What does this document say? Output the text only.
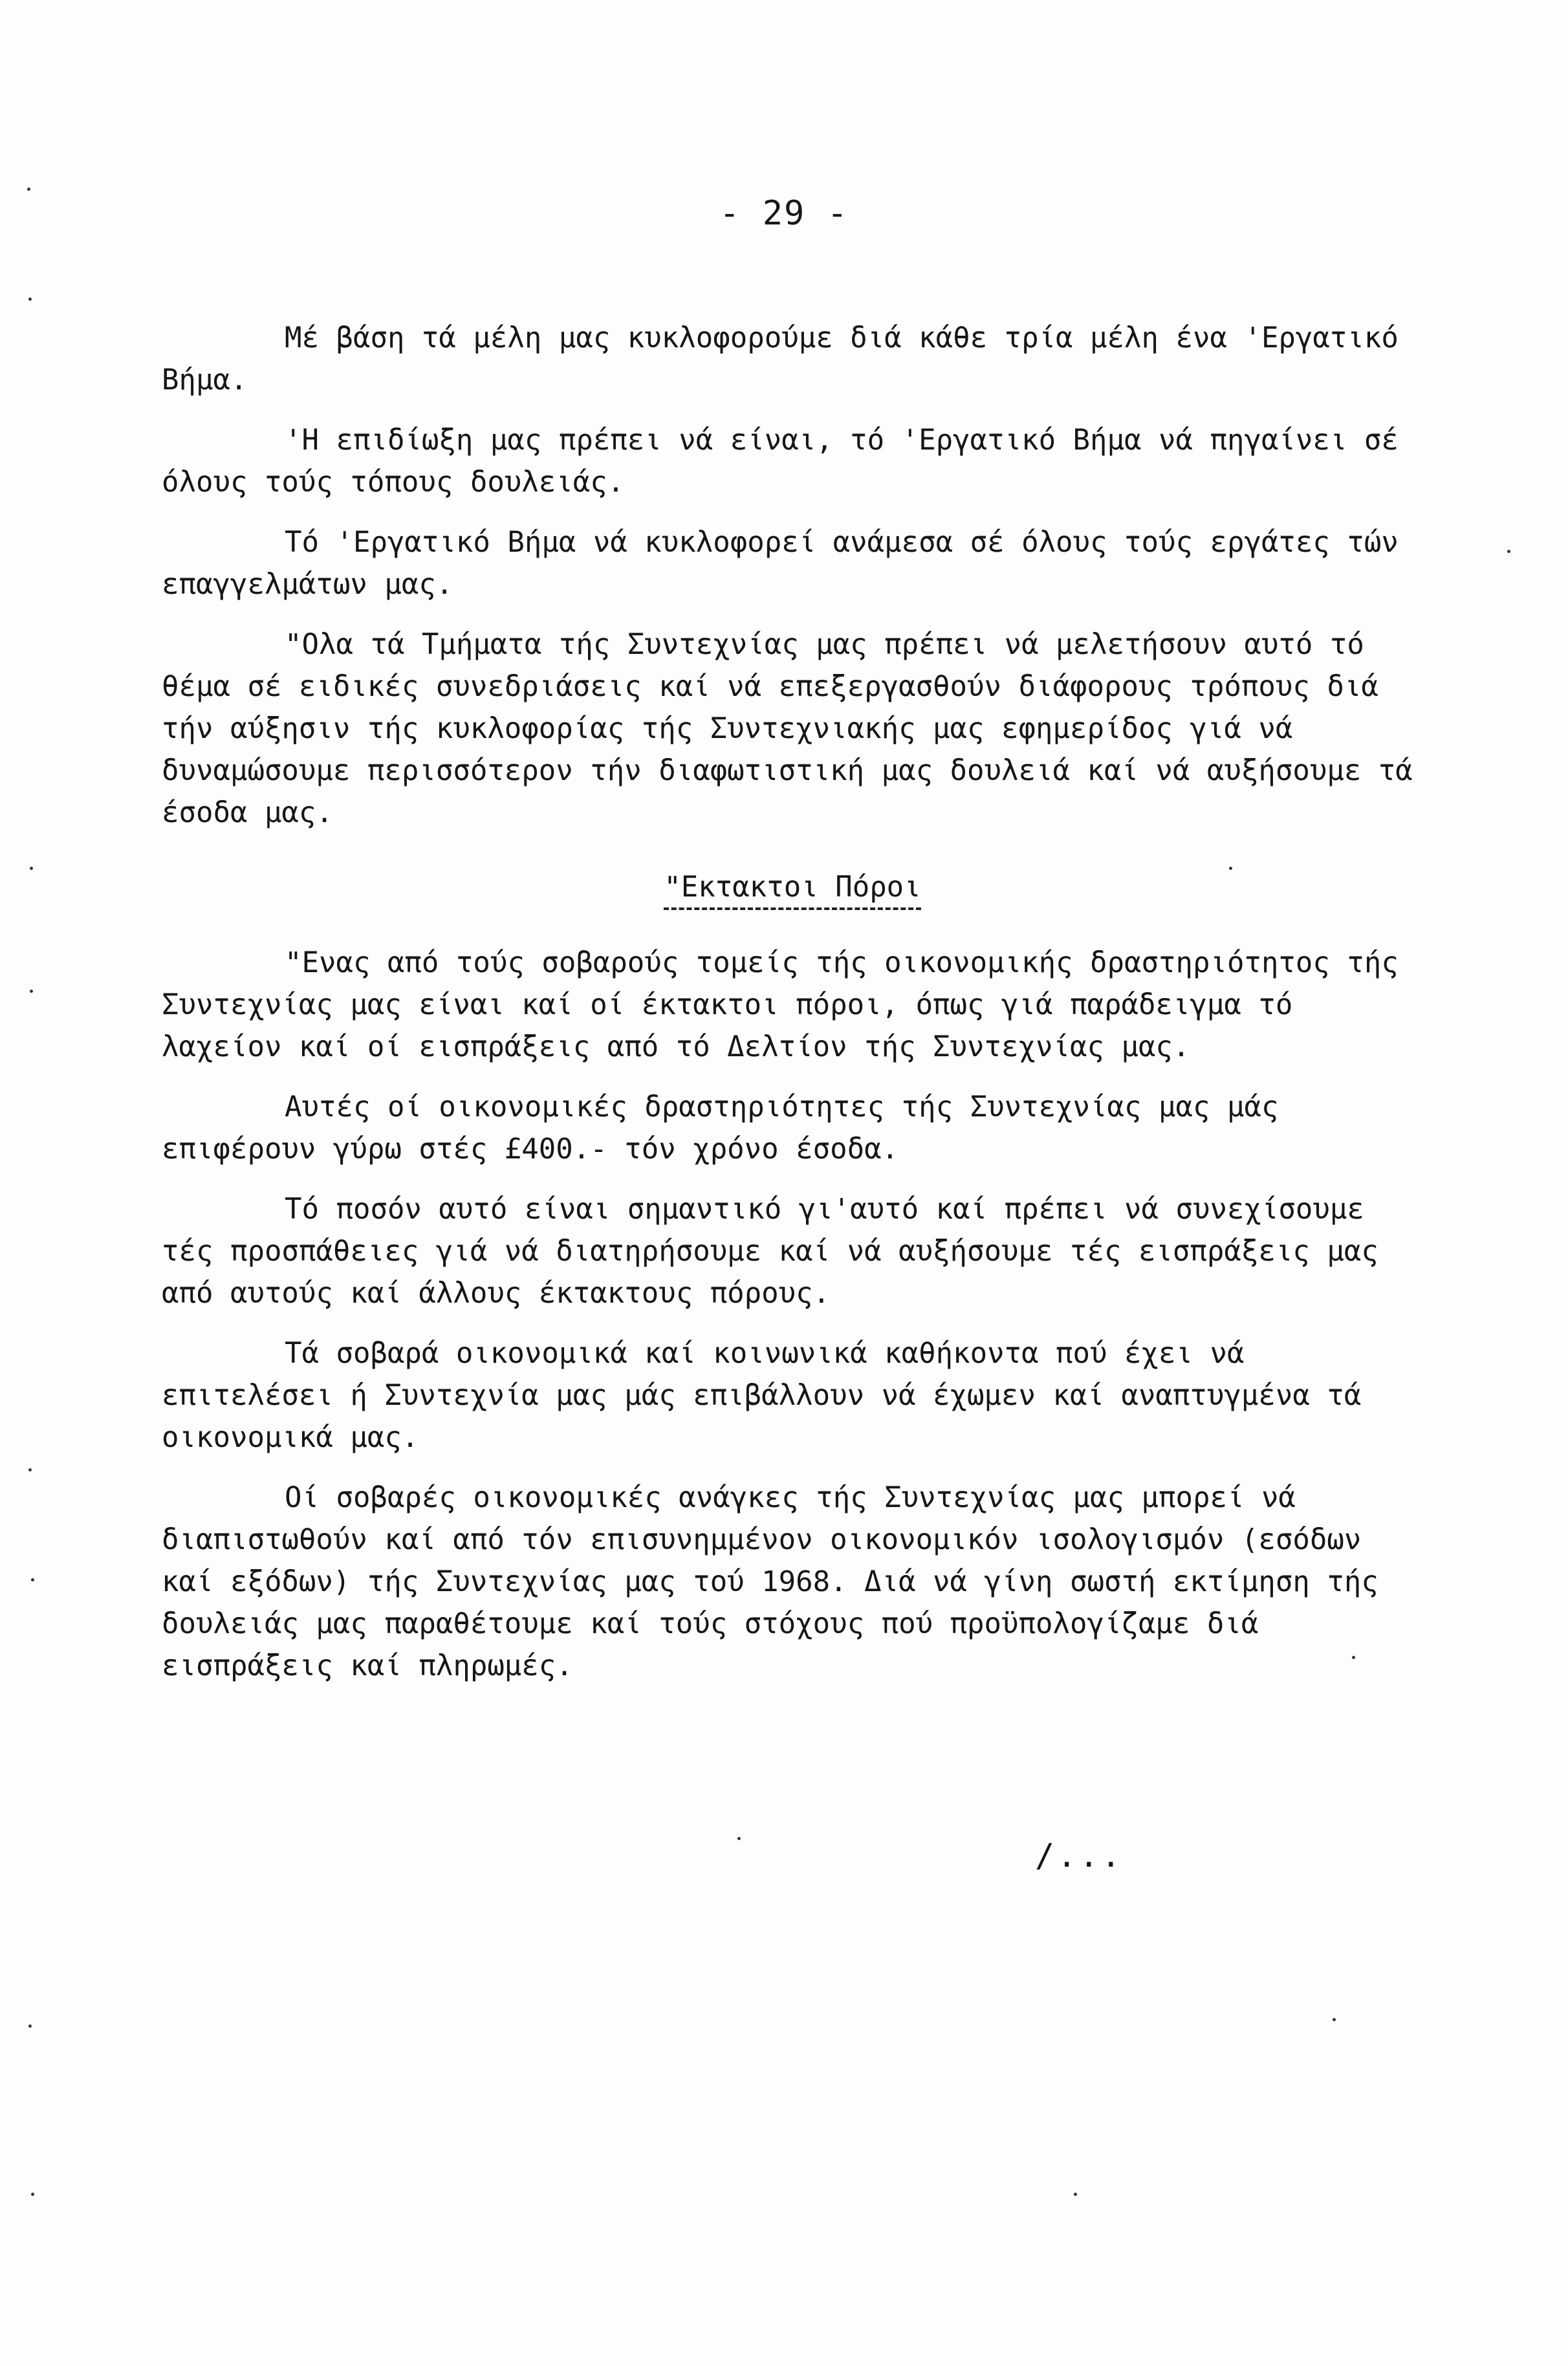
- 29 -

Μέ βάση τά μέλη μας κυκλοφορούμε διά κάθε τρία μέλη ένα 'Εργατικό Βήμα.

'Η επιδίωξη μας πρέπει νά είναι, τό 'Εργατικό Βήμα νά πηγαίνει σέ όλους τούς τόπους δουλειάς.

Τό 'Εργατικό Βήμα νά κυκλοφορεί ανάμεσα σέ όλους τούς εργάτες τών επαγγελμάτων μας.

"Ολα τά Τμήματα τής Συντεχνίας μας πρέπει νά μελετήσουν αυτό τό θέμα σέ ειδικές συνεδριάσεις καί νά επεξεργασθούν διάφορους τρόπους διά τήν αύξησιν τής κυκλοφορίας τής Συντεχνιακής μας εφημερίδος γιά νά δυναμώσουμε περισσότερον τήν διαφωτιστική μας δουλειά καί νά αυξήσουμε τά έσοδα μας.

"Εκτακτοι Πόροι

"Ενας από τούς σοβαρούς τομείς τής οικονομικής δραστηριότητος τής Συντεχνίας μας είναι καί οί έκτακτοι πόροι, όπως γιά παράδειγμα τό λαχείον καί οί εισπράξεις από τό Δελτίον τής Συντεχνίας μας.

Αυτές οί οικονομικές δραστηριότητες τής Συντεχνίας μας μάς επιφέρουν γύρω στές £400.- τόν χρόνο έσοδα.

Τό ποσόν αυτό είναι σημαντικό γι'αυτό καί πρέπει νά συνεχίσουμε τές προσπάθειες γιά νά διατηρήσουμε καί νά αυξήσουμε τές εισπράξεις μας από αυτούς καί άλλους έκτακτους πόρους.

Τά σοβαρά οικονομικά καί κοινωνικά καθήκοντα πού έχει νά επιτελέσει ή Συντεχνία μας μάς επιβάλλουν νά έχωμεν καί αναπτυγμένα τά οικονομικά μας.

Οί σοβαρές οικονομικές ανάγκες τής Συντεχνίας μας μπορεί νά διαπιστωθούν καί από τόν επισυνημμένον οικονομικόν ισολογισμόν (εσόδων καί εξόδων) τής Συντεχνίας μας τού 1968. Διά νά γίνη σωστή εκτίμηση τής δουλειάς μας παραθέτουμε καί τούς στόχους πού προϋπολογίζαμε διά εισπράξεις καί πληρωμές.

/...
